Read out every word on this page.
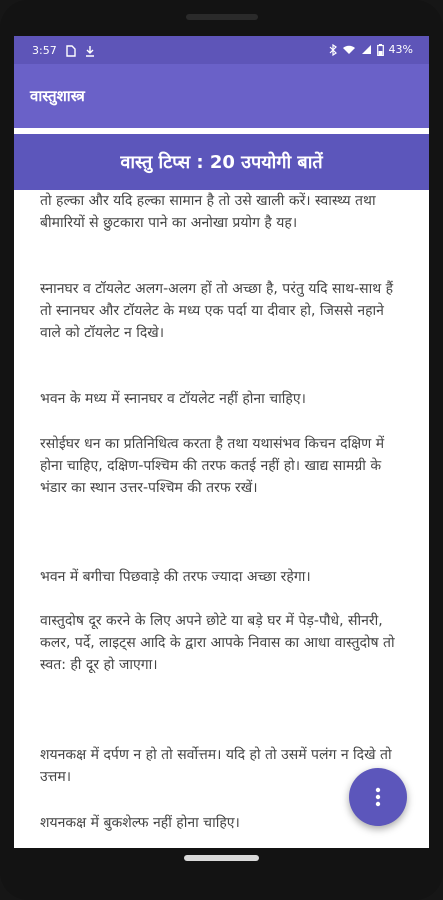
3:57	43%
वास्तुशास्त्र
वास्तु टिप्स : 20 उपयोगी बातें

तो हल्का और यदि हल्का सामान है तो उसे खाली करें। स्वास्थ्य तथा बीमारियों से छुटकारा पाने का अनोखा प्रयोग है यह।

स्नानघर व टॉयलेट अलग-अलग हों तो अच्छा है, परंतु यदि साथ-साथ हैं तो स्नानघर और टॉयलेट के मध्य एक पर्दा या दीवार हो, जिससे नहाने वाले को टॉयलेट न दिखे।

भवन के मध्य में स्नानघर व टॉयलेट नहीं होना चाहिए।

रसोईघर धन का प्रतिनिधित्व करता है तथा यथासंभव किचन दक्षिण में होना चाहिए, दक्षिण-पश्चिम की तरफ कतई नहीं हो। खाद्य सामग्री के भंडार का स्थान उत्तर-पश्चिम की तरफ रखें।

भवन में बगीचा पिछवाड़े की तरफ ज्यादा अच्छा रहेगा।

वास्तुदोष दूर करने के लिए अपने छोटे या बड़े घर में पेड़-पौधे, सीनरी, कलर, पर्दे, लाइट्स आदि के द्वारा आपके निवास का आधा वास्तुदोष तो स्वत: ही दूर हो जाएगा।

शयनकक्ष में दर्पण न हो तो सर्वोत्तम। यदि हो तो उसमें पलंग न दिखे तो उत्तम।

शयनकक्ष में बुकशेल्फ नहीं होना चाहिए।
